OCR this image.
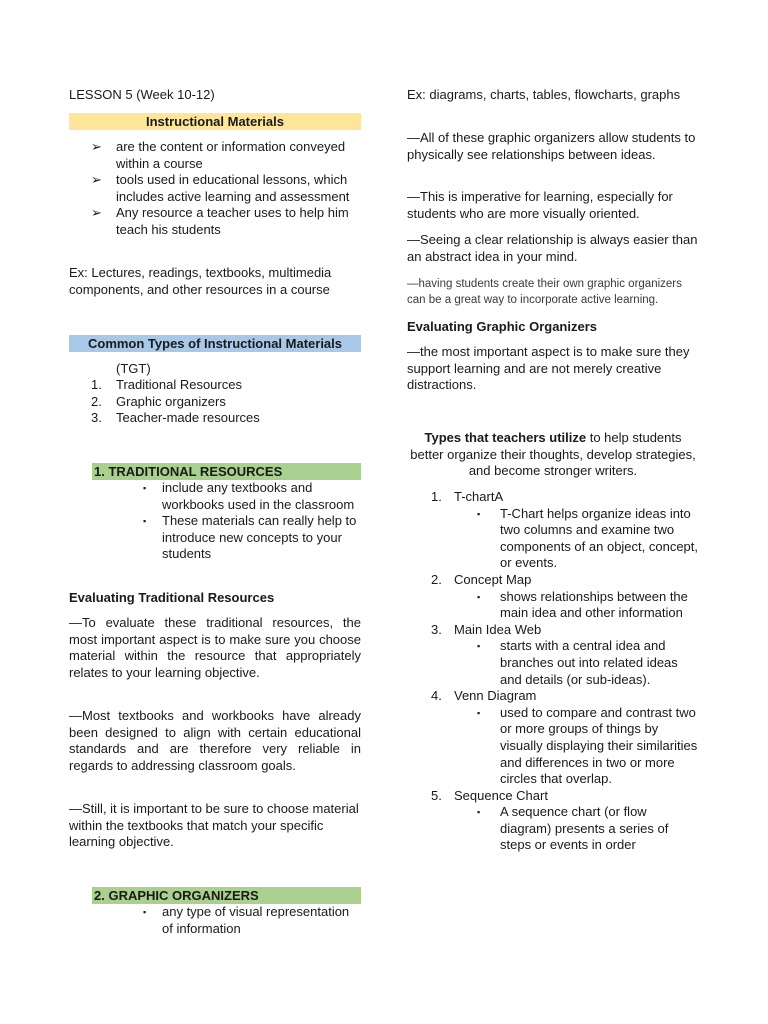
LESSON 5 (Week 10-12)
Instructional Materials
➢ are the content or information conveyed within a course
➢ tools used in educational lessons, which includes active learning and assessment
➢ Any resource a teacher uses to help him teach his students
Ex: Lectures, readings, textbooks, multimedia components, and other resources in a course
Common Types of Instructional Materials
(TGT)
1. Traditional Resources
2. Graphic organizers
3. Teacher-made resources
1. TRADITIONAL RESOURCES
▪ include any textbooks and workbooks used in the classroom
▪ These materials can really help to introduce new concepts to your students
Evaluating Traditional Resources
—To evaluate these traditional resources, the most important aspect is to make sure you choose material within the resource that appropriately relates to your learning objective.
—Most textbooks and workbooks have already been designed to align with certain educational standards and are therefore very reliable in regards to addressing classroom goals.
—Still, it is important to be sure to choose material within the textbooks that match your specific learning objective.
2. GRAPHIC ORGANIZERS
▪ any type of visual representation of information
Ex: diagrams, charts, tables, flowcharts, graphs
—All of these graphic organizers allow students to physically see relationships between ideas.
—This is imperative for learning, especially for students who are more visually oriented.
—Seeing a clear relationship is always easier than an abstract idea in your mind.
—having students create their own graphic organizers can be a great way to incorporate active learning.
Evaluating Graphic Organizers
—the most important aspect is to make sure they support learning and are not merely creative distractions.
Types that teachers utilize to help students better organize their thoughts, develop strategies, and become stronger writers.
1. T-chartA
▪ T-Chart helps organize ideas into two columns and examine two components of an object, concept, or events.
2. Concept Map
▪ shows relationships between the main idea and other information
3. Main Idea Web
▪ starts with a central idea and branches out into related ideas and details (or sub-ideas).
4. Venn Diagram
▪ used to compare and contrast two or more groups of things by visually displaying their similarities and differences in two or more circles that overlap.
5. Sequence Chart
▪ A sequence chart (or flow diagram) presents a series of steps or events in order
